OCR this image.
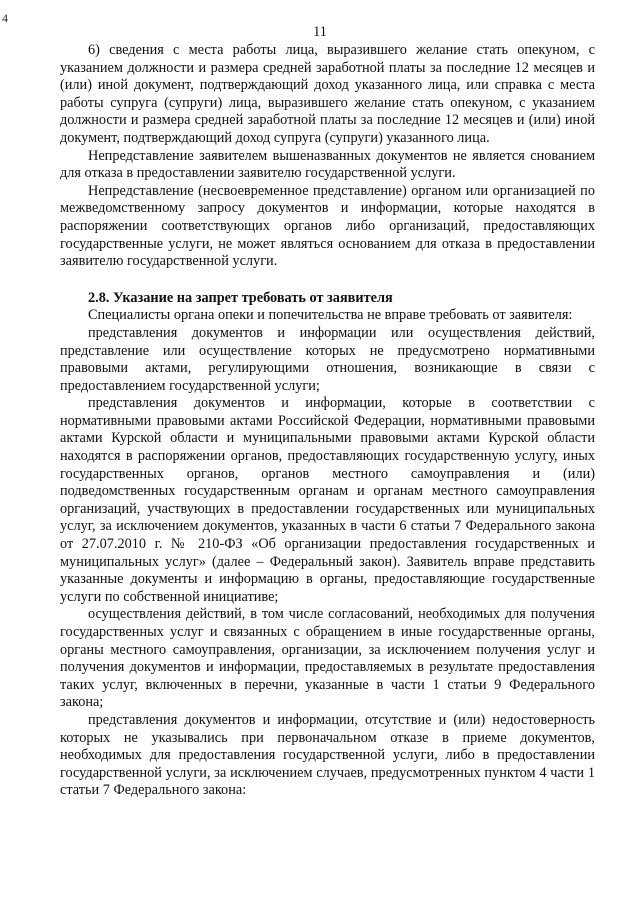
4
11

6) сведения с места работы лица, выразившего желание стать опекуном, с указанием должности и размера средней заработной платы за последние 12 месяцев и (или) иной документ, подтверждающий доход указанного лица, или справка с места работы супруга (супруги) лица, выразившего желание стать опекуном, с указанием должности и размера средней заработной платы за последние 12 месяцев и (или) иной документ, подтверждающий доход супруга (супруги) указанного лица.

Непредставление заявителем вышеназванных документов не является снованием для отказа в предоставлении заявителю государственной услуги.

Непредставление (несвоевременное представление) органом или организацией по межведомственному запросу документов и информации, которые находятся в распоряжении соответствующих органов либо организаций, предоставляющих государственные услуги, не может являться основанием для отказа в предоставлении заявителю государственной услуги.

2.8. Указание на запрет требовать от заявителя

Специалисты органа опеки и попечительства не вправе требовать от заявителя:

представления документов и информации или осуществления действий, представление или осуществление которых не предусмотрено нормативными правовыми актами, регулирующими отношения, возникающие в связи с предоставлением государственной услуги;

представления документов и информации, которые в соответствии с нормативными правовыми актами Российской Федерации, нормативными правовыми актами Курской области и муниципальными правовыми актами Курской области находятся в распоряжении органов, предоставляющих государственную услугу, иных государственных органов, органов местного самоуправления и (или) подведомственных государственным органам и органам местного самоуправления организаций, участвующих в предоставлении государственных или муниципальных услуг, за исключением документов, указанных в части 6 статьи 7 Федерального закона от 27.07.2010 г. № 210-ФЗ «Об организации предоставления государственных и муниципальных услуг» (далее – Федеральный закон). Заявитель вправе представить указанные документы и информацию в органы, предоставляющие государственные услуги по собственной инициативе;

осуществления действий, в том числе согласований, необходимых для получения государственных услуг и связанных с обращением в иные государственные органы, органы местного самоуправления, организации, за исключением получения услуг и получения документов и информации, предоставляемых в результате предоставления таких услуг, включенных в перечни, указанные в части 1 статьи 9 Федерального закона;

представления документов и информации, отсутствие и (или) недостоверность которых не указывались при первоначальном отказе в приеме документов, необходимых для предоставления государственной услуги, либо в предоставлении государственной услуги, за исключением случаев, предусмотренных пунктом 4 части 1 статьи 7 Федерального закона:
